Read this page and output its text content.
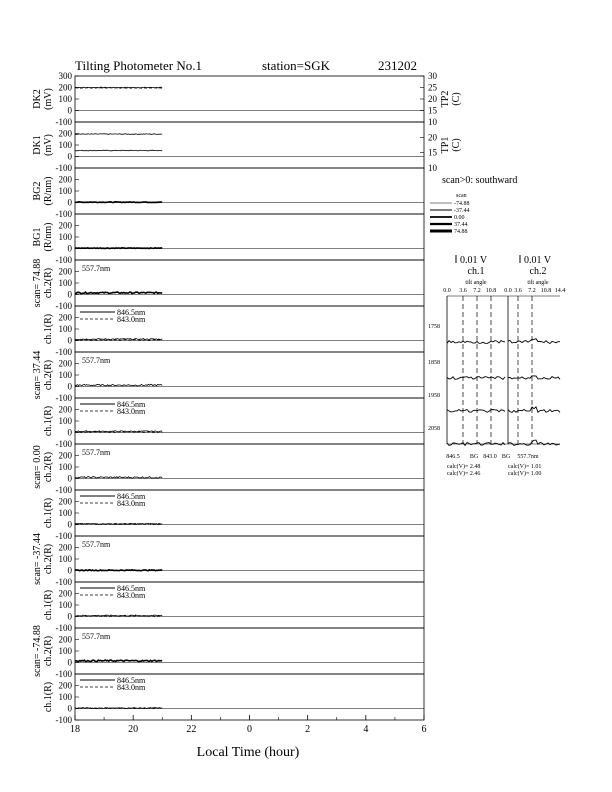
Tilting Photometer No.1	station=SGK	231202
300
200
100
0
-100
DK2 (mV)
30
25
20
15
10
TP2 (C)
200
100
0
-100
DK1 (mV)	20
15
10
TP1 (C)
200
100
0
-100
BG2 (R/nm)
200
100
0
-100
BG1 (R/nm)
200
100
0
-100
scan= 74.88 ch.2(R)	557.7nm
200
100
0
-100
ch.1(R)
846.5nm
843.0nm
200
100
0
-100
scan= 37.44 ch.2(R)	557.7nm
200
100
0
-100
ch.1(R)
846.5nm
843.0nm
200
100
0
-100
scan= 0.00 ch.2(R)	557.7nm
200
100
0
-100
ch.1(R)
846.5nm
843.0nm
200
100
0
-100
scan= -37.44 ch.2(R)	557.7nm
200
100
0
-100
ch.1(R)
846.5nm
843.0nm
200
100
0
-100
scan= -74.88 ch.2(R)	557.7nm
200
100
0
-100
ch.1(R)
846.5nm
843.0nm
18	20	22	0	2	4	6
Local Time (hour)
scan>0: southward
scan
-74.88
-37.44
0.00
37.44
74.88
0.01 V	0.01 V
ch.1	ch.2
tilt angle	tilt angle
0.0 3.6 7.2 10.8 0.0 3.6 7.2 10.8 14.4
1758
1858
1958
2058
846.5 BG 843.0 BG 557.7nm
calc(V)= 2.48
calc(V)= 2.46
calc(V)= 1.01
calc(V)= 1.00
